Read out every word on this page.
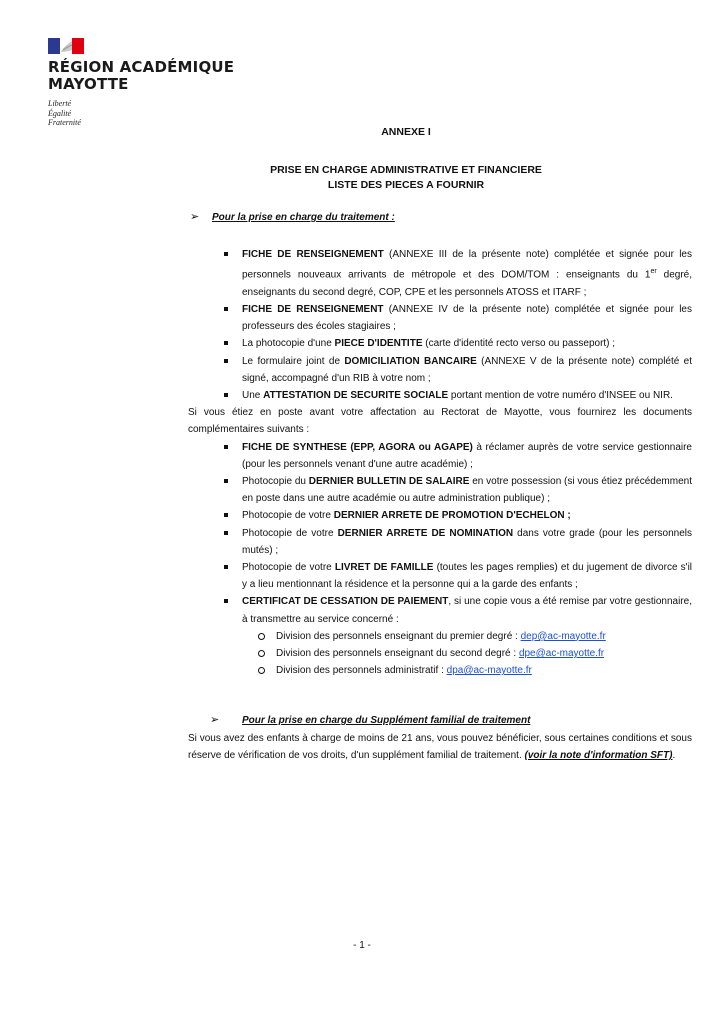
RÉGION ACADÉMIQUE
MAYOTTE
Liberté
Égalité
Fraternité
ANNEXE I
PRISE EN CHARGE ADMINISTRATIVE ET FINANCIERE
LISTE DES PIECES A FOURNIR
➢ Pour la prise en charge du traitement :
FICHE DE RENSEIGNEMENT (ANNEXE III de la présente note) complétée et signée pour les personnels nouveaux arrivants de métropole et des DOM/TOM : enseignants du 1er degré, enseignants du second degré, COP, CPE et les personnels ATOSS et ITARF ;
FICHE DE RENSEIGNEMENT (ANNEXE IV de la présente note) complétée et signée pour les professeurs des écoles stagiaires ;
La photocopie d'une PIECE D'IDENTITE (carte d'identité recto verso ou passeport) ;
Le formulaire joint de DOMICILIATION BANCAIRE (ANNEXE V de la présente note) complété et signé, accompagné d'un RIB à votre nom ;
Une ATTESTATION DE SECURITE SOCIALE portant mention de votre numéro d'INSEE ou NIR.
Si vous étiez en poste avant votre affectation au Rectorat de Mayotte, vous fournirez les documents complémentaires suivants :
FICHE DE SYNTHESE (EPP, AGORA ou AGAPE) à réclamer auprès de votre service gestionnaire (pour les personnels venant d'une autre académie) ;
Photocopie du DERNIER BULLETIN DE SALAIRE en votre possession (si vous étiez précédemment en poste dans une autre académie ou autre administration publique) ;
Photocopie de votre DERNIER ARRETE DE PROMOTION D'ECHELON ;
Photocopie de votre DERNIER ARRETE DE NOMINATION dans votre grade (pour les personnels mutés) ;
Photocopie de votre LIVRET DE FAMILLE (toutes les pages remplies) et du jugement de divorce s'il y a lieu mentionnant la résidence et la personne qui a la garde des enfants ;
CERTIFICAT DE CESSATION DE PAIEMENT, si une copie vous a été remise par votre gestionnaire, à transmettre au service concerné :
Division des personnels enseignant du premier degré : dep@ac-mayotte.fr
Division des personnels enseignant du second degré : dpe@ac-mayotte.fr
Division des personnels administratif : dpa@ac-mayotte.fr
➢ Pour la prise en charge du Supplément familial de traitement
Si vous avez des enfants à charge de moins de 21 ans, vous pouvez bénéficier, sous certaines conditions et sous réserve de vérification de vos droits, d'un supplément familial de traitement. (voir la note d'information SFT).
- 1 -
